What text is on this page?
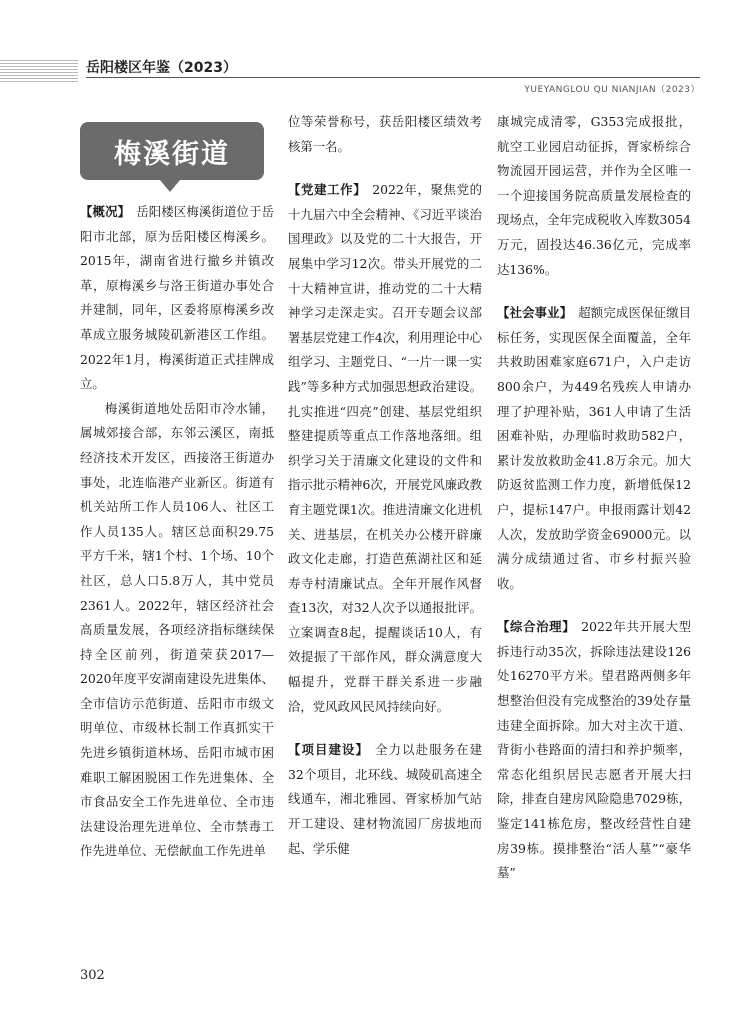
岳阳楼区年鉴（2023）
YUEYANGLOU QU NIANJIAN（2023）
梅溪街道

【概况】 岳阳楼区梅溪街道位于岳阳市北部，原为岳阳楼区梅溪乡。2015年，湖南省进行撤乡并镇改革，原梅溪乡与洛王街道办事处合并建制，同年，区委将原梅溪乡改革成立服务城陵矶新港区工作组。2022年1月，梅溪街道正式挂牌成立。

梅溪街道地处岳阳市冷水铺，属城郊接合部，东邻云溪区，南抵经济技术开发区，西接洛王街道办事处，北连临港产业新区。街道有机关站所工作人员106人、社区工作人员135人。辖区总面积29.75平方千米，辖1个村、1个场、10个社区，总人口5.8万人，其中党员2361人。2022年，辖区经济社会高质量发展，各项经济指标继续保持全区前列，街道荣获2017—2020年度平安湖南建设先进集体、全市信访示范街道、岳阳市市级文明单位、市级林长制工作真抓实干先进乡镇街道林场、岳阳市城市困难职工解困脱困工作先进集体、全市食品安全工作先进单位、全市违法建设治理先进单位、全市禁毒工作先进单位、无偿献血工作先进单

位等荣誉称号，获岳阳楼区绩效考核第一名。

【党建工作】 2022年，聚焦党的十九届六中全会精神、《习近平谈治国理政》以及党的二十大报告，开展集中学习12次。带头开展党的二十大精神宣讲，推动党的二十大精神学习走深走实。召开专题会议部署基层党建工作4次，利用理论中心组学习、主题党日、“一片一课一实践”等多种方式加强思想政治建设。扎实推进“四亮”创建、基层党组织整建提质等重点工作落地落细。组织学习关于清廉文化建设的文件和指示批示精神6次，开展党风廉政教育主题党课1次。推进清廉文化进机关、进基层，在机关办公楼开辟廉政文化走廊，打造芭蕉湖社区和延寿寺村清廉试点。全年开展作风督查13次，对32人次予以通报批评。立案调查8起，提醒谈话10人，有效提振了干部作风，群众满意度大幅提升，党群干群关系进一步融洽，党风政风民风持续向好。

【项目建设】 全力以赴服务在建32个项目，北环线、城陵矶高速全线通车，湘北雅园、胥家桥加气站开工建设、建材物流园厂房拔地而起、学乐健

康城完成清零，G353完成报批，航空工业园启动征拆，胥家桥综合物流园开园运营，并作为全区唯一一个迎接国务院高质量发展检查的现场点，全年完成税收入库数3054万元，固投达46.36亿元，完成率达136%。

【社会事业】 超额完成医保征缴目标任务，实现医保全面覆盖，全年共救助困难家庭671户，入户走访800余户，为449名残疾人申请办理了护理补贴，361人申请了生活困难补贴，办理临时救助582户，累计发放救助金41.8万余元。加大防返贫监测工作力度，新增低保12户，提标147户。申报雨露计划42人次，发放助学资金69000元。以满分成绩通过省、市乡村振兴验收。

【综合治理】 2022年共开展大型拆违行动35次，拆除违法建设126处16270平方米。望君路两侧多年想整治但没有完成整治的39处存量违建全面拆除。加大对主次干道、背街小巷路面的清扫和养护频率，常态化组织居民志愿者开展大扫除，排查自建房风险隐患7029栋，鉴定141栋危房，整改经营性自建房39栋。摸排整治“活人墓”“豪华墓”

302
